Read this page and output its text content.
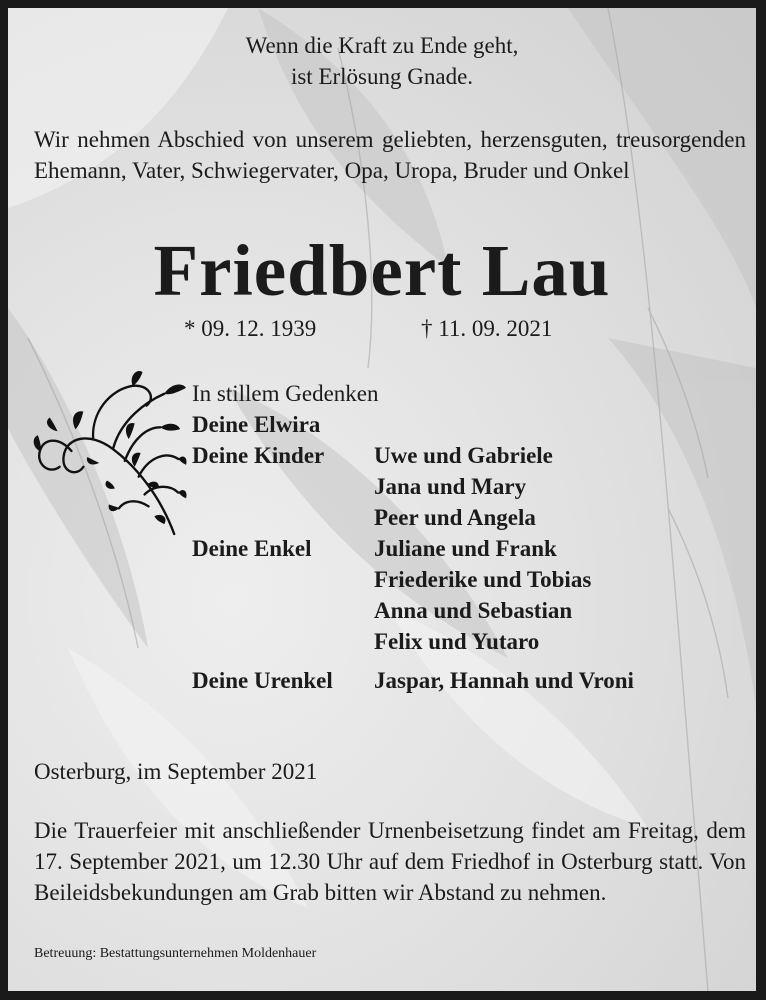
Wenn die Kraft zu Ende geht,
ist Erlösung Gnade.
Wir nehmen Abschied von unserem geliebten, herzensguten, treusorgenden Ehemann, Vater, Schwiegervater, Opa, Uropa, Bruder und Onkel
Friedbert Lau
* 09. 12. 1939	† 11. 09. 2021
In stillem Gedenken
Deine Elwira
Deine Kinder	Uwe und Gabriele
Jana und Mary
Peer und Angela
Deine Enkel	Juliane und Frank
Friederike und Tobias
Anna und Sebastian
Felix und Yutaro
Deine Urenkel	Jaspar, Hannah und Vroni
Osterburg, im September 2021
Die Trauerfeier mit anschließender Urnenbeisetzung findet am Freitag, dem 17. September 2021, um 12.30 Uhr auf dem Friedhof in Osterburg statt. Von Beileidsbekundungen am Grab bitten wir Abstand zu nehmen.
Betreuung: Bestattungsunternehmen Moldenhauer
